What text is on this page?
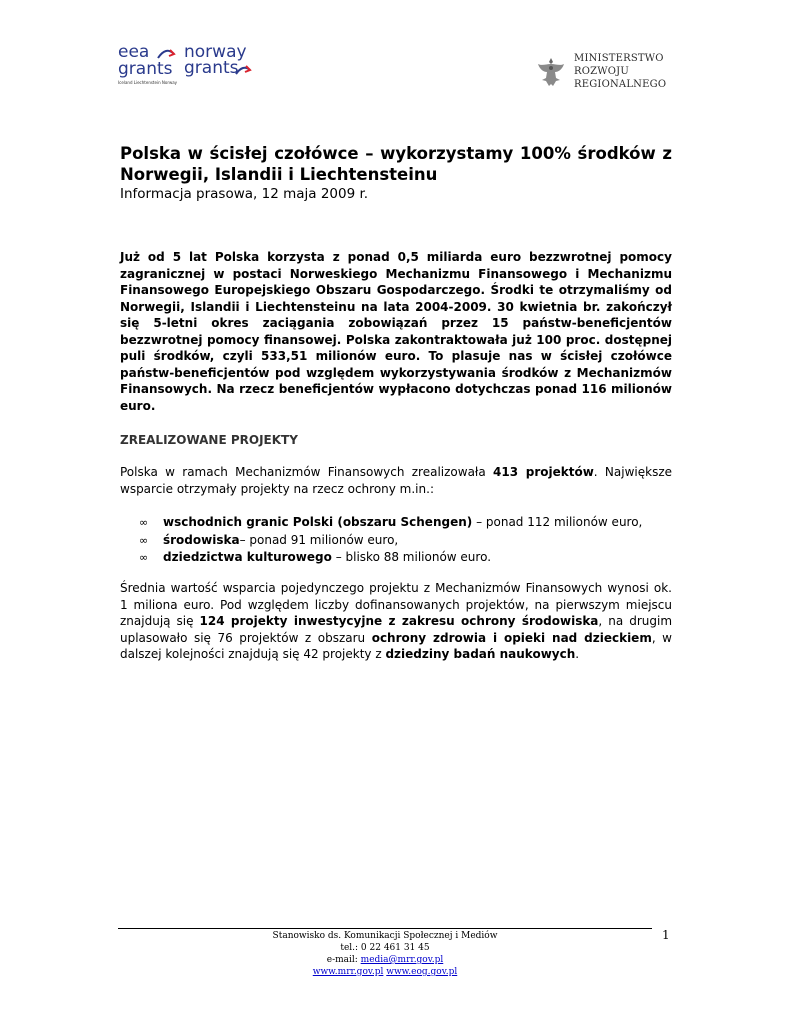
eea
grants
Iceland Liechtenstein Norway
norway
grants	MINISTERSTWO
ROZWOJU
REGIONALNEGO
Polska w ścisłej czołówce – wykorzystamy 100% środków z Norwegii, Islandii i Liechtensteinu

Informacja prasowa, 12 maja 2009 r.

Już od 5 lat Polska korzysta z ponad 0,5 miliarda euro bezzwrotnej pomocy zagranicznej w postaci Norweskiego Mechanizmu Finansowego i Mechanizmu Finansowego Europejskiego Obszaru Gospodarczego. Środki te otrzymaliśmy od Norwegii, Islandii i Liechtensteinu na lata 2004-2009. 30 kwietnia br. zakończył się 5-letni okres zaciągania zobowiązań przez 15 państw-beneficjentów bezzwrotnej pomocy finansowej. Polska zakontraktowała już 100 proc. dostępnej puli środków, czyli 533,51 milionów euro. To plasuje nas w ścisłej czołówce państw-beneficjentów pod względem wykorzystywania środków z Mechanizmów Finansowych. Na rzecz beneficjentów wypłacono dotychczas ponad 116 milionów euro.

ZREALIZOWANE PROJEKTY

Polska w ramach Mechanizmów Finansowych zrealizowała 413 projektów. Największe wsparcie otrzymały projekty na rzecz ochrony m.in.:

∞ wschodnich granic Polski (obszaru Schengen) – ponad 112 milionów euro,
∞ środowiska– ponad 91 milionów euro,
∞ dziedzictwa kulturowego – blisko 88 milionów euro.

Średnia wartość wsparcia pojedynczego projektu z Mechanizmów Finansowych wynosi ok. 1 miliona euro. Pod względem liczby dofinansowanych projektów, na pierwszym miejscu znajdują się 124 projekty inwestycyjne z zakresu ochrony środowiska, na drugim uplasowało się 76 projektów z obszaru ochrony zdrowia i opieki nad dzieckiem, w dalszej kolejności znajdują się 42 projekty z dziedziny badań naukowych.

Stanowisko ds. Komunikacji Społecznej i Mediów
tel.: 0 22 461 31 45
e-mail: media@mrr.gov.pl
www.mrr.gov.pl www.eog.gov.pl
1
